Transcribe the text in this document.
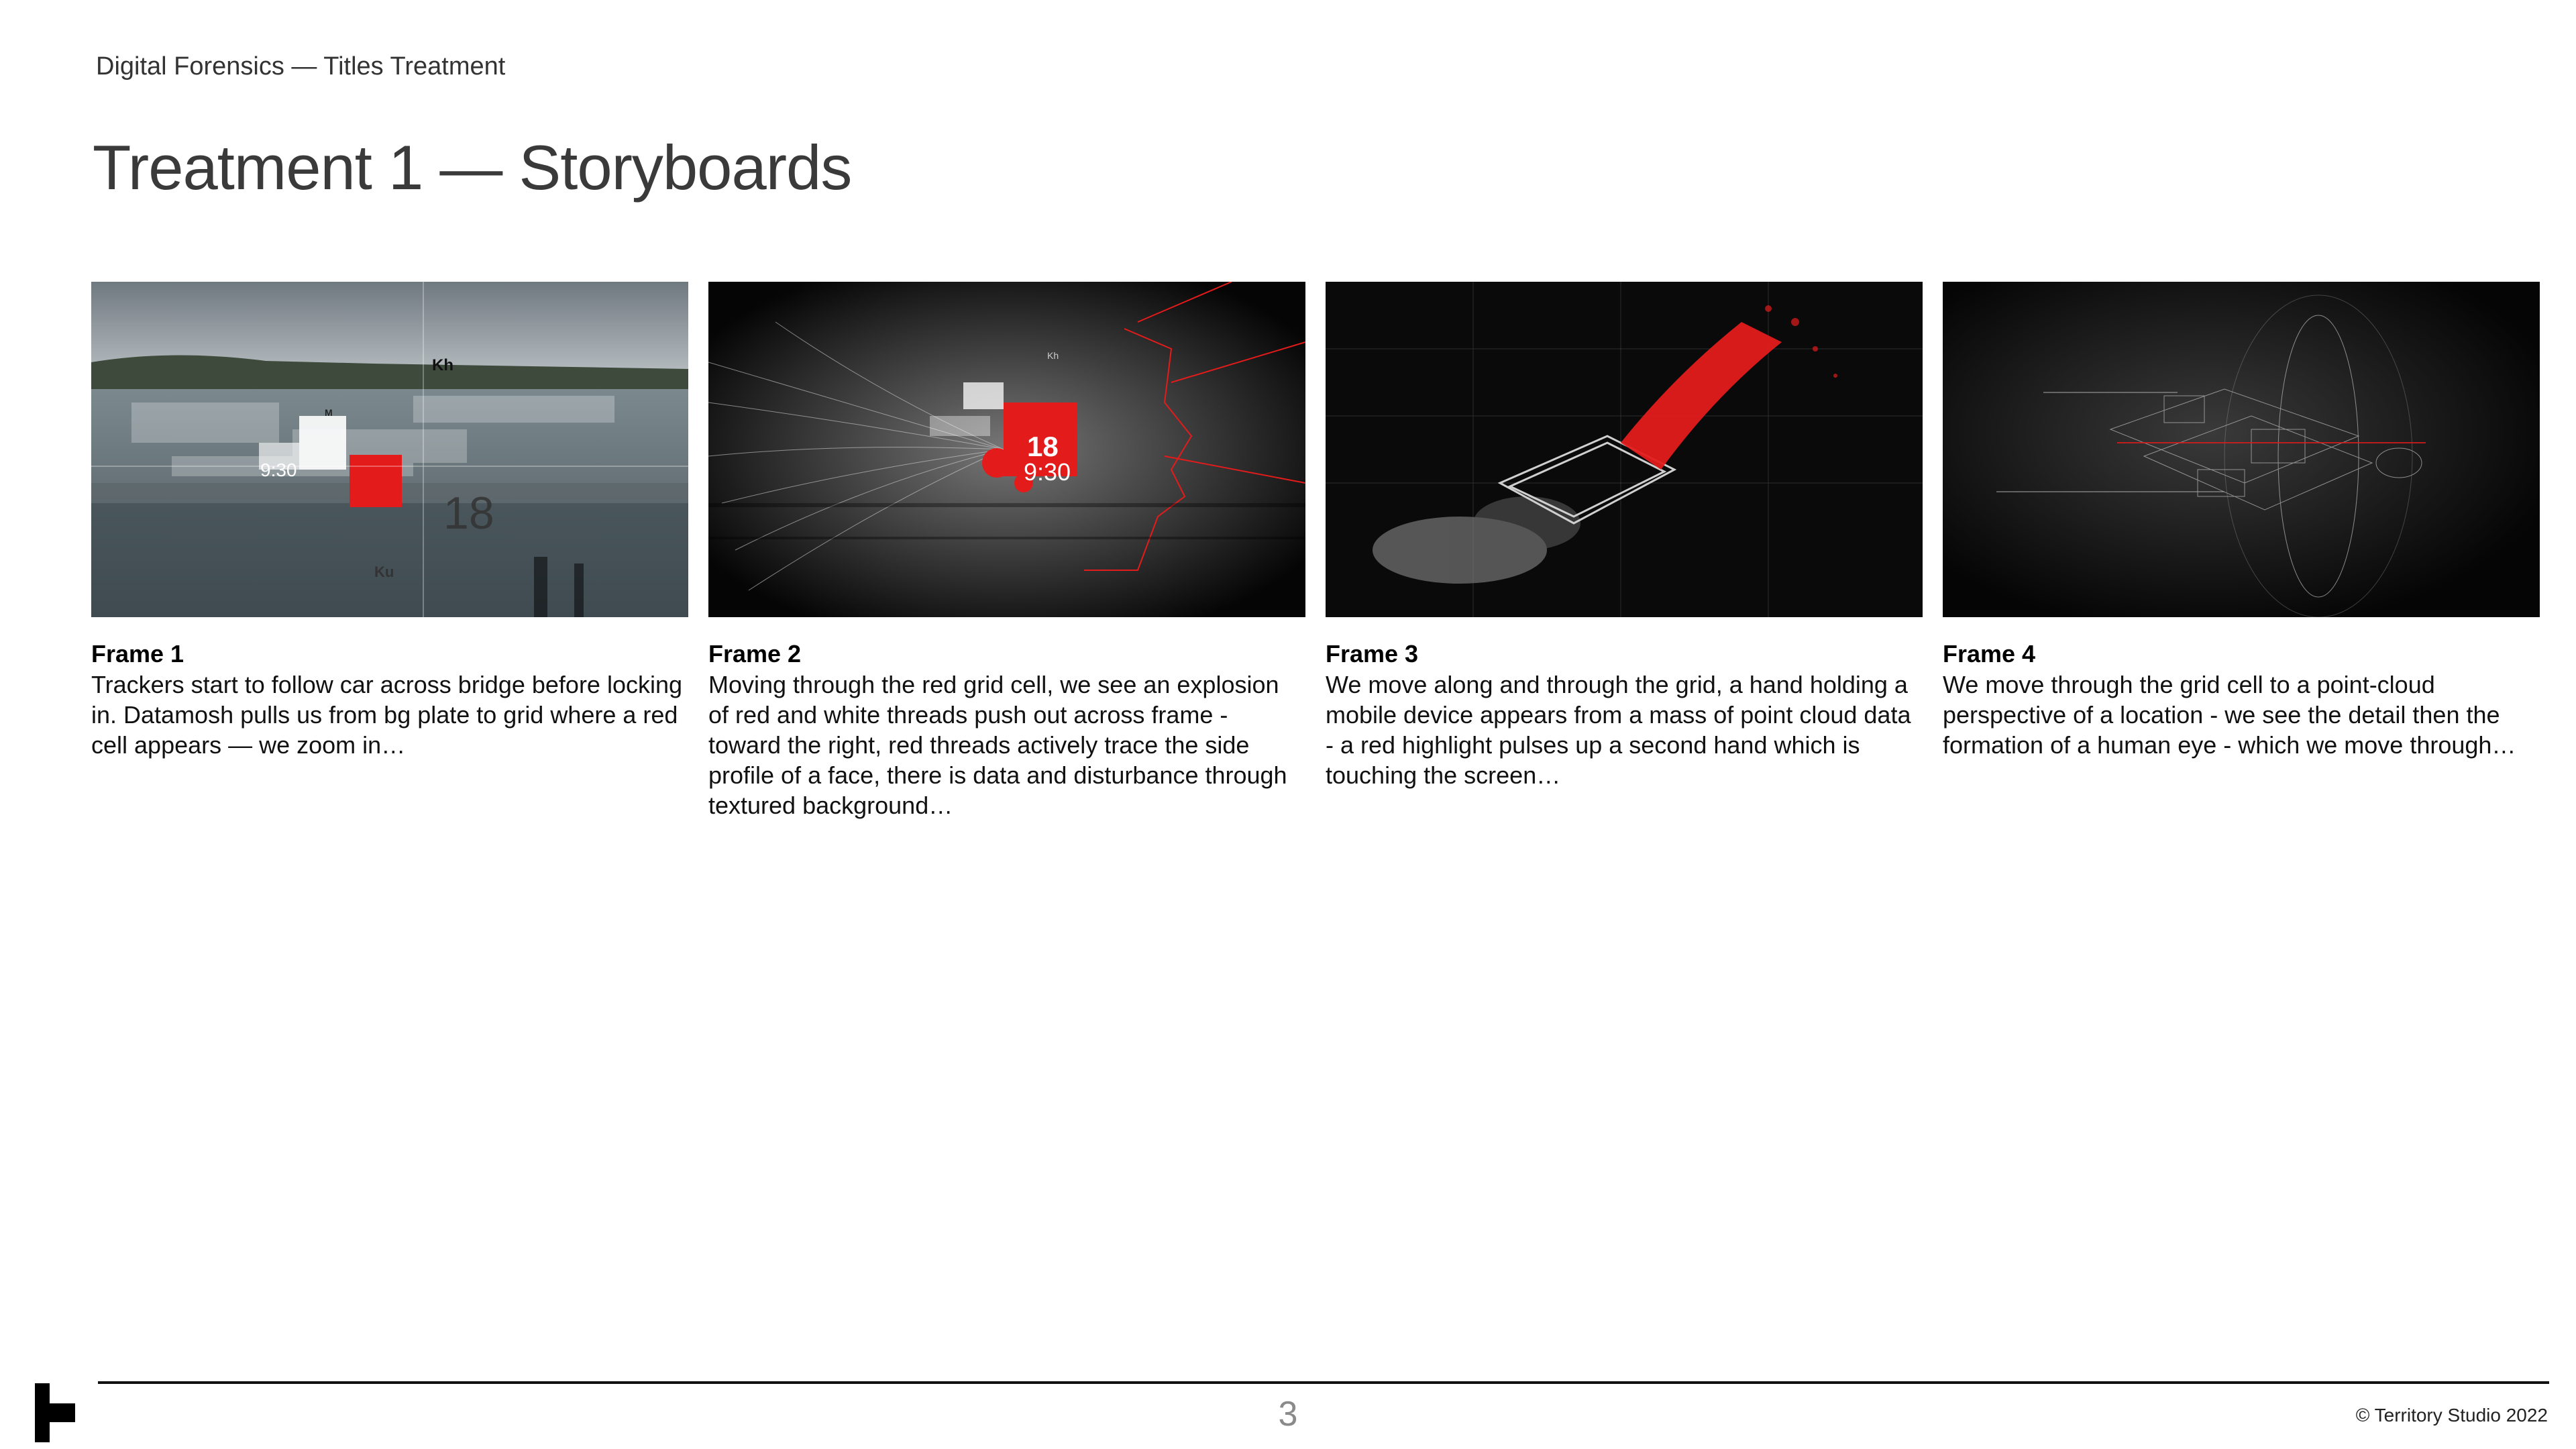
Digital Forensics — Titles Treatment
Treatment 1 — Storyboards
Kh
M
9:30
18
Ku
Frame 1

Trackers start to follow car across bridge before locking in. Datamosh pulls us from bg plate to grid where a red cell appears — we zoom in…

18
9:30
Kh
Frame 2

Moving through the red grid cell, we see an explosion of red and white threads push out across frame - toward the right, red threads actively trace the side profile of a face, there is data and disturbance through textured background…

Frame 3

We move along and through the grid, a hand holding a mobile device appears from a mass of point cloud data - a red highlight pulses up a second hand which is touching the screen…

Frame 4

We move through the grid cell to a point-cloud perspective of a location - we see the detail then the formation of a human eye - which we move through…

3	© Territory Studio 2022
